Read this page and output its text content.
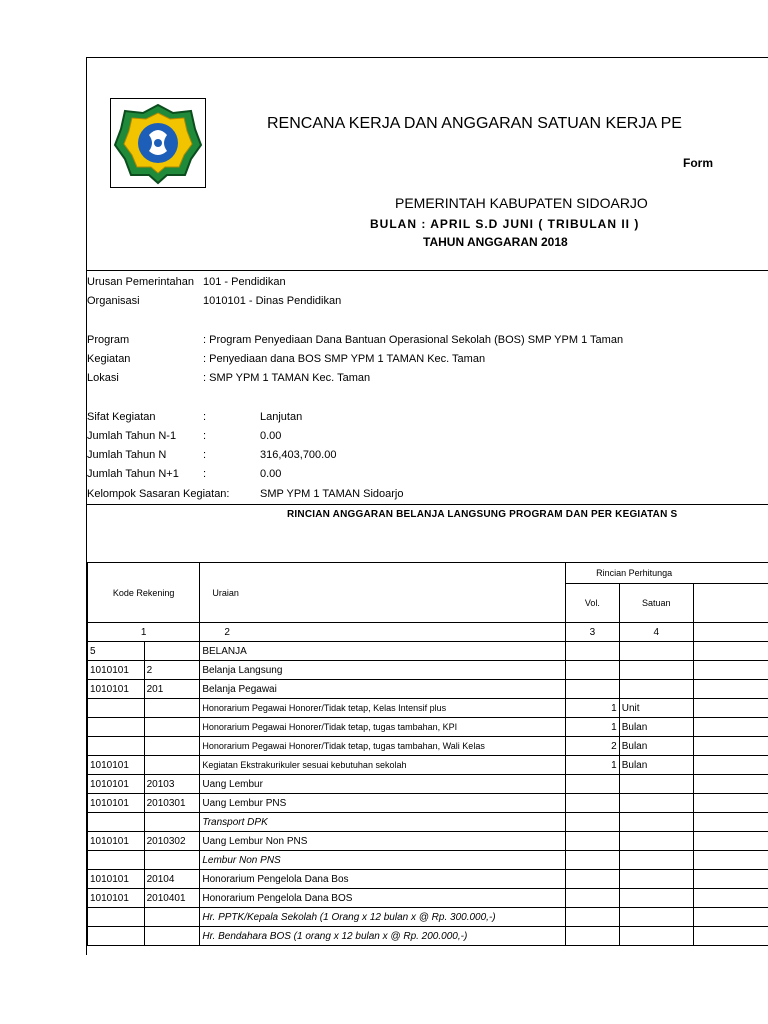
RENCANA KERJA DAN ANGGARAN SATUAN KERJA PE
Form
PEMERINTAH KABUPATEN SIDOARJO
BULAN : APRIL S.D JUNI ( TRIBULAN II )
TAHUN ANGGARAN 2018
Urusan Pemerintahan 101 - Pendidikan
Organisasi	1010101 - Dinas Pendidikan
Program	: Program Penyediaan Dana Bantuan Operasional Sekolah (BOS) SMP YPM 1 Taman
Kegiatan	: Penyediaan dana BOS SMP YPM 1 TAMAN Kec. Taman
Lokasi	: SMP YPM 1 TAMAN Kec. Taman
Sifat Kegiatan	:	Lanjutan
Jumlah Tahun N-1 :	0.00
Jumlah Tahun N	:	316,403,700.00
Jumlah Tahun N+1 :	0.00
Kelompok Sasaran Kegiatan:	SMP YPM 1 TAMAN Sidoarjo
RINCIAN ANGGARAN BELANJA LANGSUNG PROGRAM DAN PER KEGIATAN S
Kode Rekening		Uraian	Rincian Perhitunga		
			Vol.	Satuan	
1		2	3	4	
5		BELANJA			
1010101	2	Belanja Langsung			
1010101	201	Belanja Pegawai			
		Honorarium Pegawai Honorer/Tidak tetap, Kelas Intensif plus	1	Unit	
		Honorarium Pegawai Honorer/Tidak tetap, tugas tambahan, KPI	1	Bulan	
		Honorarium Pegawai Honorer/Tidak tetap, tugas tambahan, Wali Kelas	2	Bulan	
1010101		Kegiatan Ekstrakurikuler sesuai kebutuhan sekolah	1	Bulan	
1010101	20103	Uang Lembur			
1010101	2010301	Uang Lembur PNS			
		Transport DPK			
1010101	2010302	Uang Lembur Non PNS			
		Lembur Non PNS			
1010101	20104	Honorarium Pengelola Dana Bos			
1010101	2010401	Honorarium Pengelola Dana BOS			
		Hr. PPTK/Kepala Sekolah (1 Orang x 12 bulan x @ Rp. 300.000,-)			
		Hr. Bendahara BOS (1 orang x 12 bulan x @ Rp. 200.000,-)			
